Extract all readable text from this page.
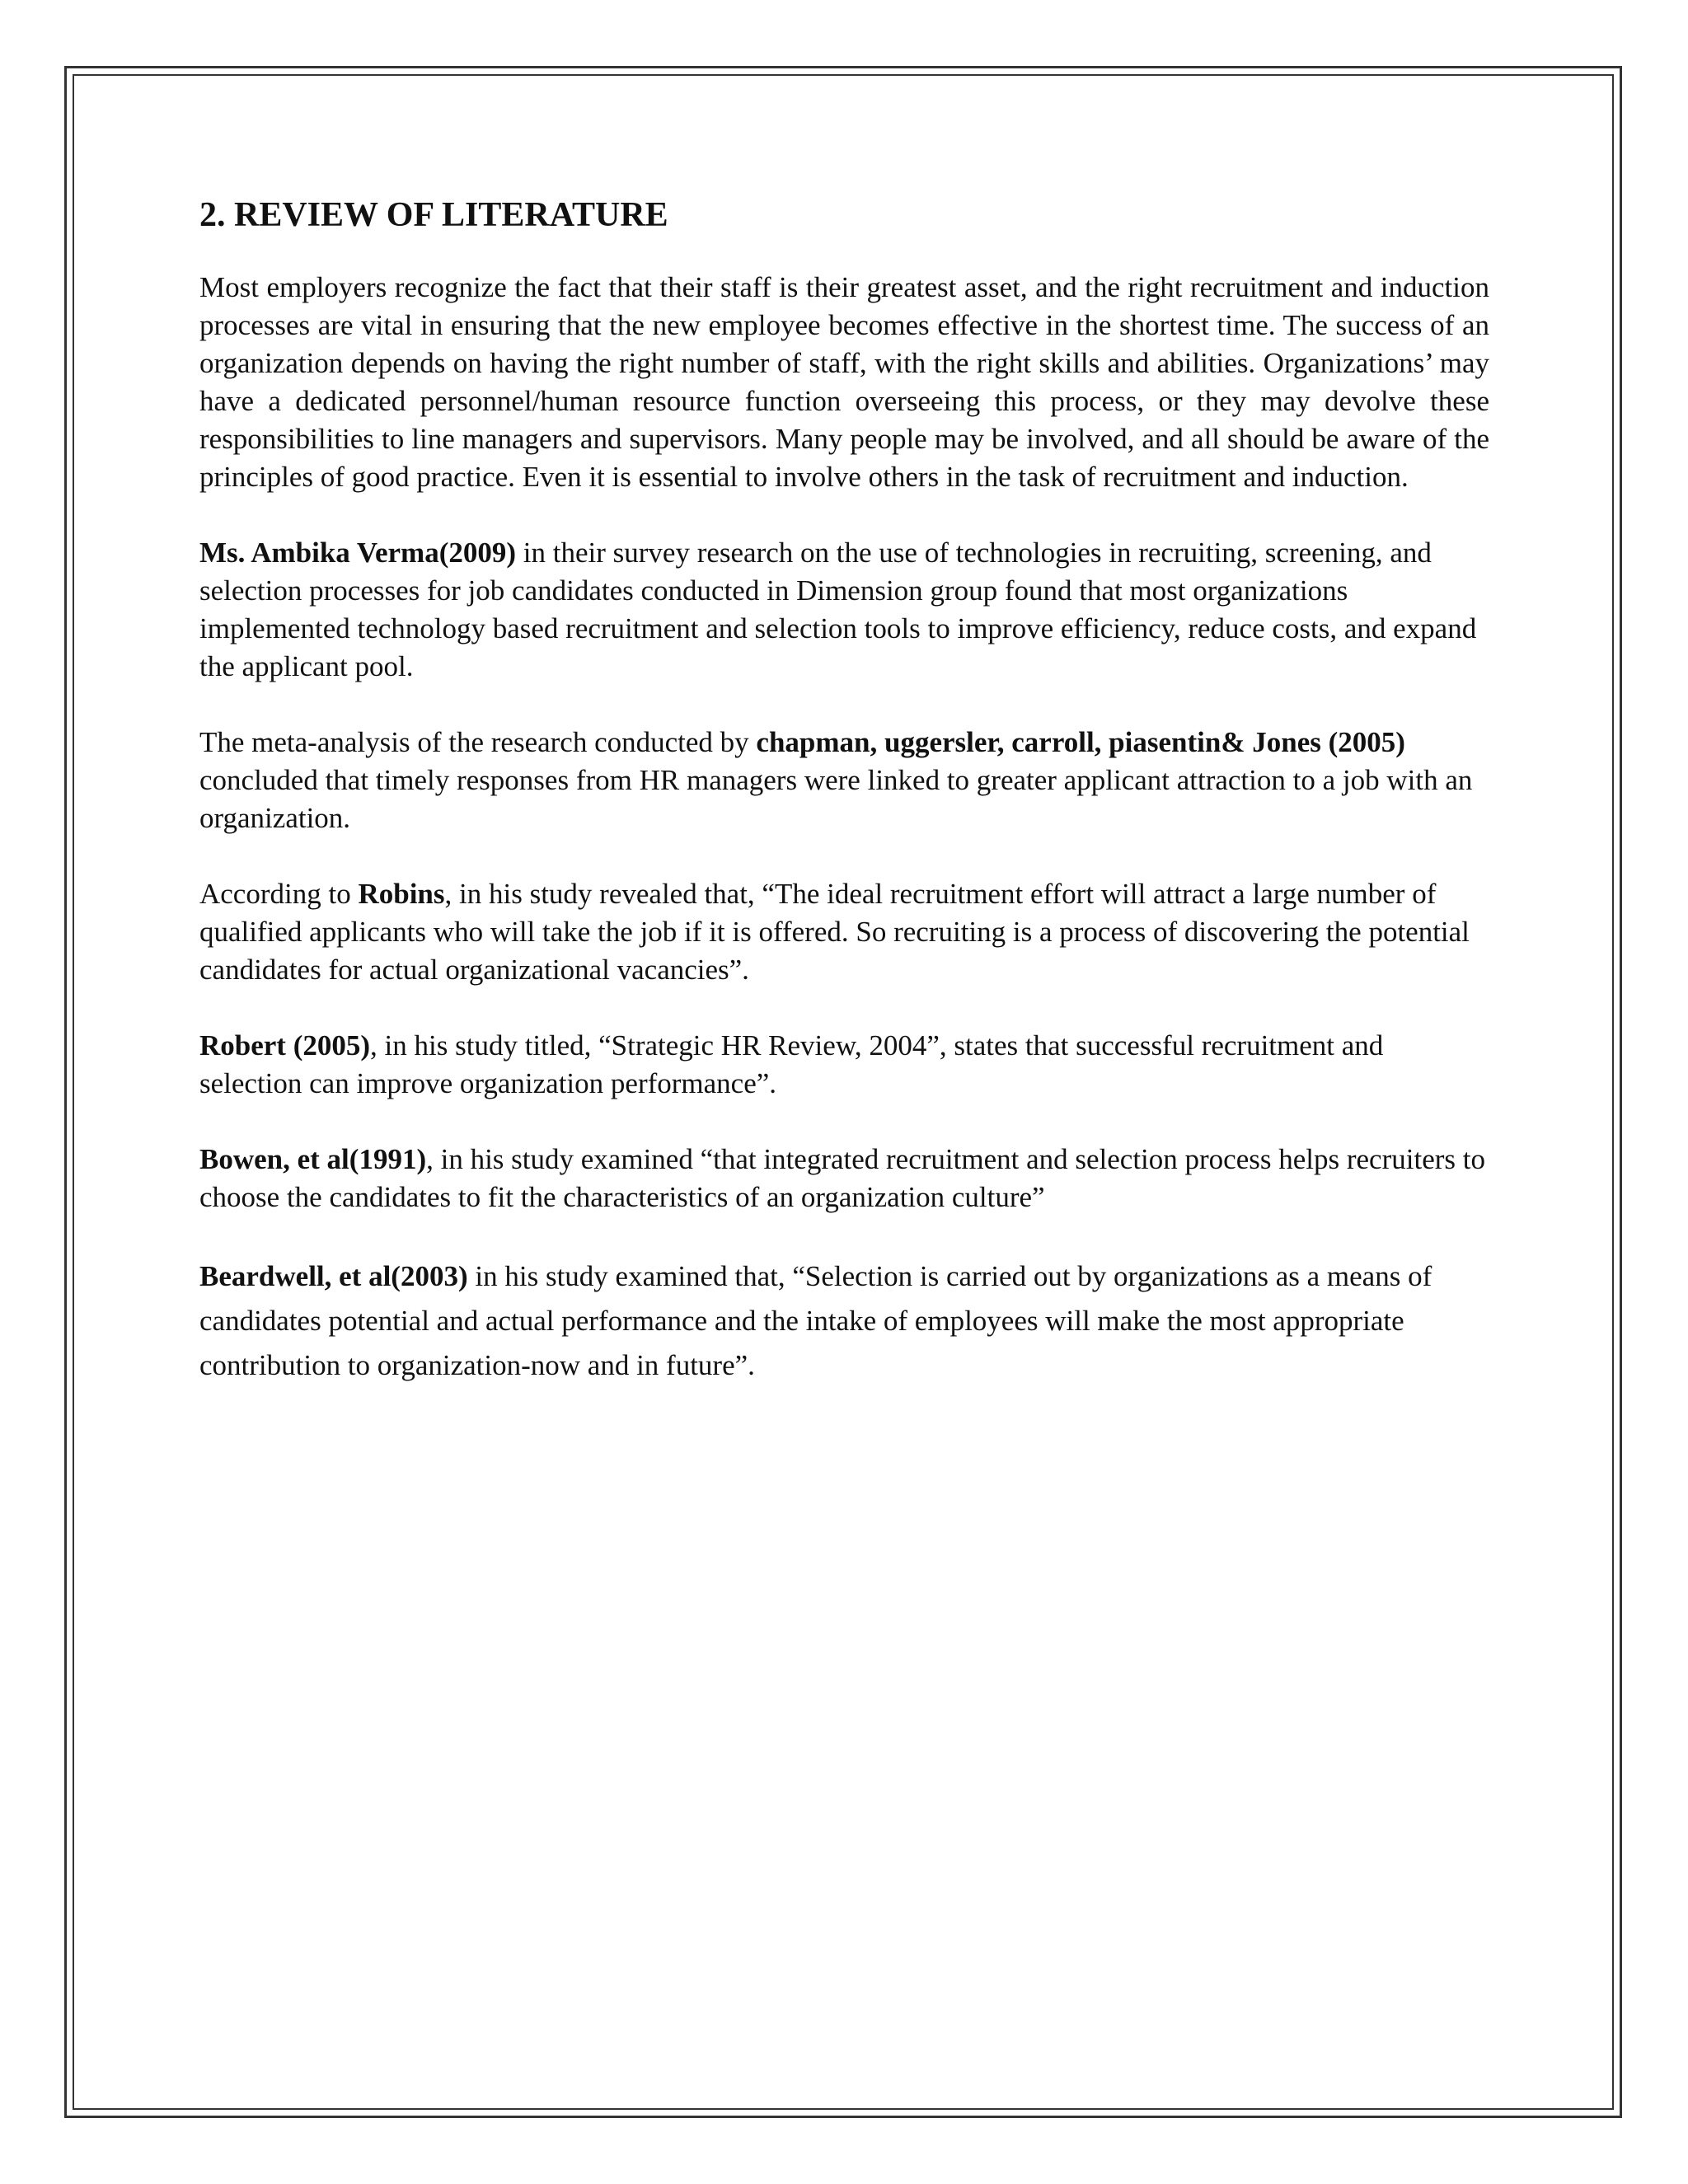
2. REVIEW OF LITERATURE

Most employers recognize the fact that their staff is their greatest asset, and the right recruitment and induction processes are vital in ensuring that the new employee becomes effective in the shortest time. The success of an organization depends on having the right number of staff, with the right skills and abilities. Organizations’ may have a dedicated personnel/human resource function overseeing this process, or they may devolve these responsibilities to line managers and supervisors. Many people may be involved, and all should be aware of the principles of good practice. Even it is essential to involve others in the task of recruitment and induction.

Ms. Ambika Verma(2009) in their survey research on the use of technologies in recruiting, screening, and selection processes for job candidates conducted in Dimension group found that most organizations implemented technology based recruitment and selection tools to improve efficiency, reduce costs, and expand the applicant pool.

The meta-analysis of the research conducted by chapman, uggersler, carroll, piasentin& Jones (2005) concluded that timely responses from HR managers were linked to greater applicant attraction to a job with an organization.

According to Robins, in his study revealed that, “The ideal recruitment effort will attract a large number of qualified applicants who will take the job if it is offered. So recruiting is a process of discovering the potential candidates for actual organizational vacancies”.

Robert (2005), in his study titled, “Strategic HR Review, 2004”, states that successful recruitment and selection can improve organization performance”.

Bowen, et al(1991), in his study examined “that integrated recruitment and selection process helps recruiters to choose the candidates to fit the characteristics of an organization culture”

Beardwell, et al(2003) in his study examined that, “Selection is carried out by organizations as a means of candidates potential and actual performance and the intake of employees will make the most appropriate contribution to organization-now and in future”.
